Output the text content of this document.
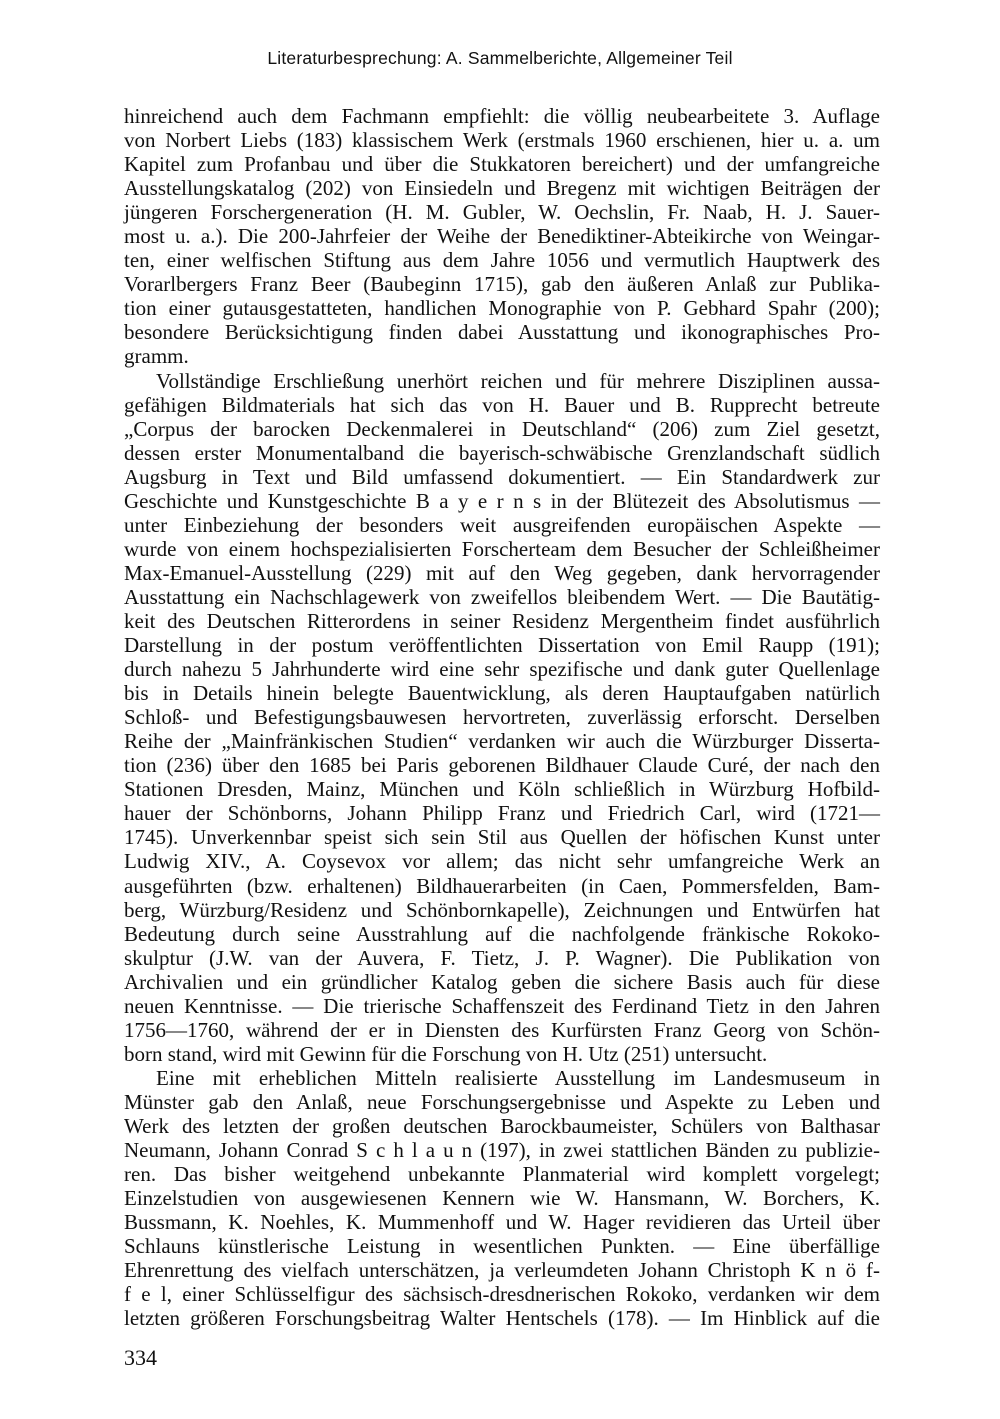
Literaturbesprechung: A. Sammelberichte, Allgemeiner Teil
hinreichend auch dem Fachmann empfiehlt: die völlig neubearbeitete 3. Auflage
von Norbert Liebs (183) klassischem Werk (erstmals 1960 erschienen, hier u. a. um
Kapitel zum Profanbau und über die Stukkatoren bereichert) und der umfangreiche
Ausstellungskatalog (202) von Einsiedeln und Bregenz mit wichtigen Beiträgen der
jüngeren Forschergeneration (H. M. Gubler, W. Oechslin, Fr. Naab, H. J. Sauer-
most u. a.). Die 200-Jahrfeier der Weihe der Benediktiner-Abteikirche von Weingar-
ten, einer welfischen Stiftung aus dem Jahre 1056 und vermutlich Hauptwerk des
Vorarlbergers Franz Beer (Baubeginn 1715), gab den äußeren Anlaß zur Publika-
tion einer gutausgestatteten, handlichen Monographie von P. Gebhard Spahr (200);
besondere Berücksichtigung finden dabei Ausstattung und ikonographisches Pro-
gramm.
Vollständige Erschließung unerhört reichen und für mehrere Disziplinen aussa-
gefähigen Bildmaterials hat sich das von H. Bauer und B. Rupprecht betreute
„Corpus der barocken Deckenmalerei in Deutschland“ (206) zum Ziel gesetzt,
dessen erster Monumentalband die bayerisch-schwäbische Grenzlandschaft südlich
Augsburg in Text und Bild umfassend dokumentiert. — Ein Standardwerk zur
Geschichte und Kunstgeschichte B a y e r n s in der Blütezeit des Absolutismus —
unter Einbeziehung der besonders weit ausgreifenden europäischen Aspekte —
wurde von einem hochspezialisierten Forscherteam dem Besucher der Schleißheimer
Max-Emanuel-Ausstellung (229) mit auf den Weg gegeben, dank hervorragender
Ausstattung ein Nachschlagewerk von zweifellos bleibendem Wert. — Die Bautätig-
keit des Deutschen Ritterordens in seiner Residenz Mergentheim findet ausführlich
Darstellung in der postum veröffentlichten Dissertation von Emil Raupp (191);
durch nahezu 5 Jahrhunderte wird eine sehr spezifische und dank guter Quellenlage
bis in Details hinein belegte Bauentwicklung, als deren Hauptaufgaben natürlich
Schloß- und Befestigungsbauwesen hervortreten, zuverlässig erforscht. Derselben
Reihe der „Mainfränkischen Studien“ verdanken wir auch die Würzburger Disserta-
tion (236) über den 1685 bei Paris geborenen Bildhauer Claude Curé, der nach den
Stationen Dresden, Mainz, München und Köln schließlich in Würzburg Hofbild-
hauer der Schönborns, Johann Philipp Franz und Friedrich Carl, wird (1721—
1745). Unverkennbar speist sich sein Stil aus Quellen der höfischen Kunst unter
Ludwig XIV., A. Coysevox vor allem; das nicht sehr umfangreiche Werk an
ausgeführten (bzw. erhaltenen) Bildhauerarbeiten (in Caen, Pommersfelden, Bam-
berg, Würzburg/Residenz und Schönbornkapelle), Zeichnungen und Entwürfen hat
Bedeutung durch seine Ausstrahlung auf die nachfolgende fränkische Rokoko-
skulptur (J.W. van der Auvera, F. Tietz, J. P. Wagner). Die Publikation von
Archivalien und ein gründlicher Katalog geben die sichere Basis auch für diese
neuen Kenntnisse. — Die trierische Schaffenszeit des Ferdinand Tietz in den Jahren
1756—1760, während der er in Diensten des Kurfürsten Franz Georg von Schön-
born stand, wird mit Gewinn für die Forschung von H. Utz (251) untersucht.
Eine mit erheblichen Mitteln realisierte Ausstellung im Landesmuseum in
Münster gab den Anlaß, neue Forschungsergebnisse und Aspekte zu Leben und
Werk des letzten der großen deutschen Barockbaumeister, Schülers von Balthasar
Neumann, Johann Conrad S c h l a u n (197), in zwei stattlichen Bänden zu publizie-
ren. Das bisher weitgehend unbekannte Planmaterial wird komplett vorgelegt;
Einzelstudien von ausgewiesenen Kennern wie W. Hansmann, W. Borchers, K.
Bussmann, K. Noehles, K. Mummenhoff und W. Hager revidieren das Urteil über
Schlauns künstlerische Leistung in wesentlichen Punkten. — Eine überfällige
Ehrenrettung des vielfach unterschätzen, ja verleumdeten Johann Christoph K n ö f-
f e l, einer Schlüsselfigur des sächsisch-dresdnerischen Rokoko, verdanken wir dem
letzten größeren Forschungsbeitrag Walter Hentschels (178). — Im Hinblick auf die
334
